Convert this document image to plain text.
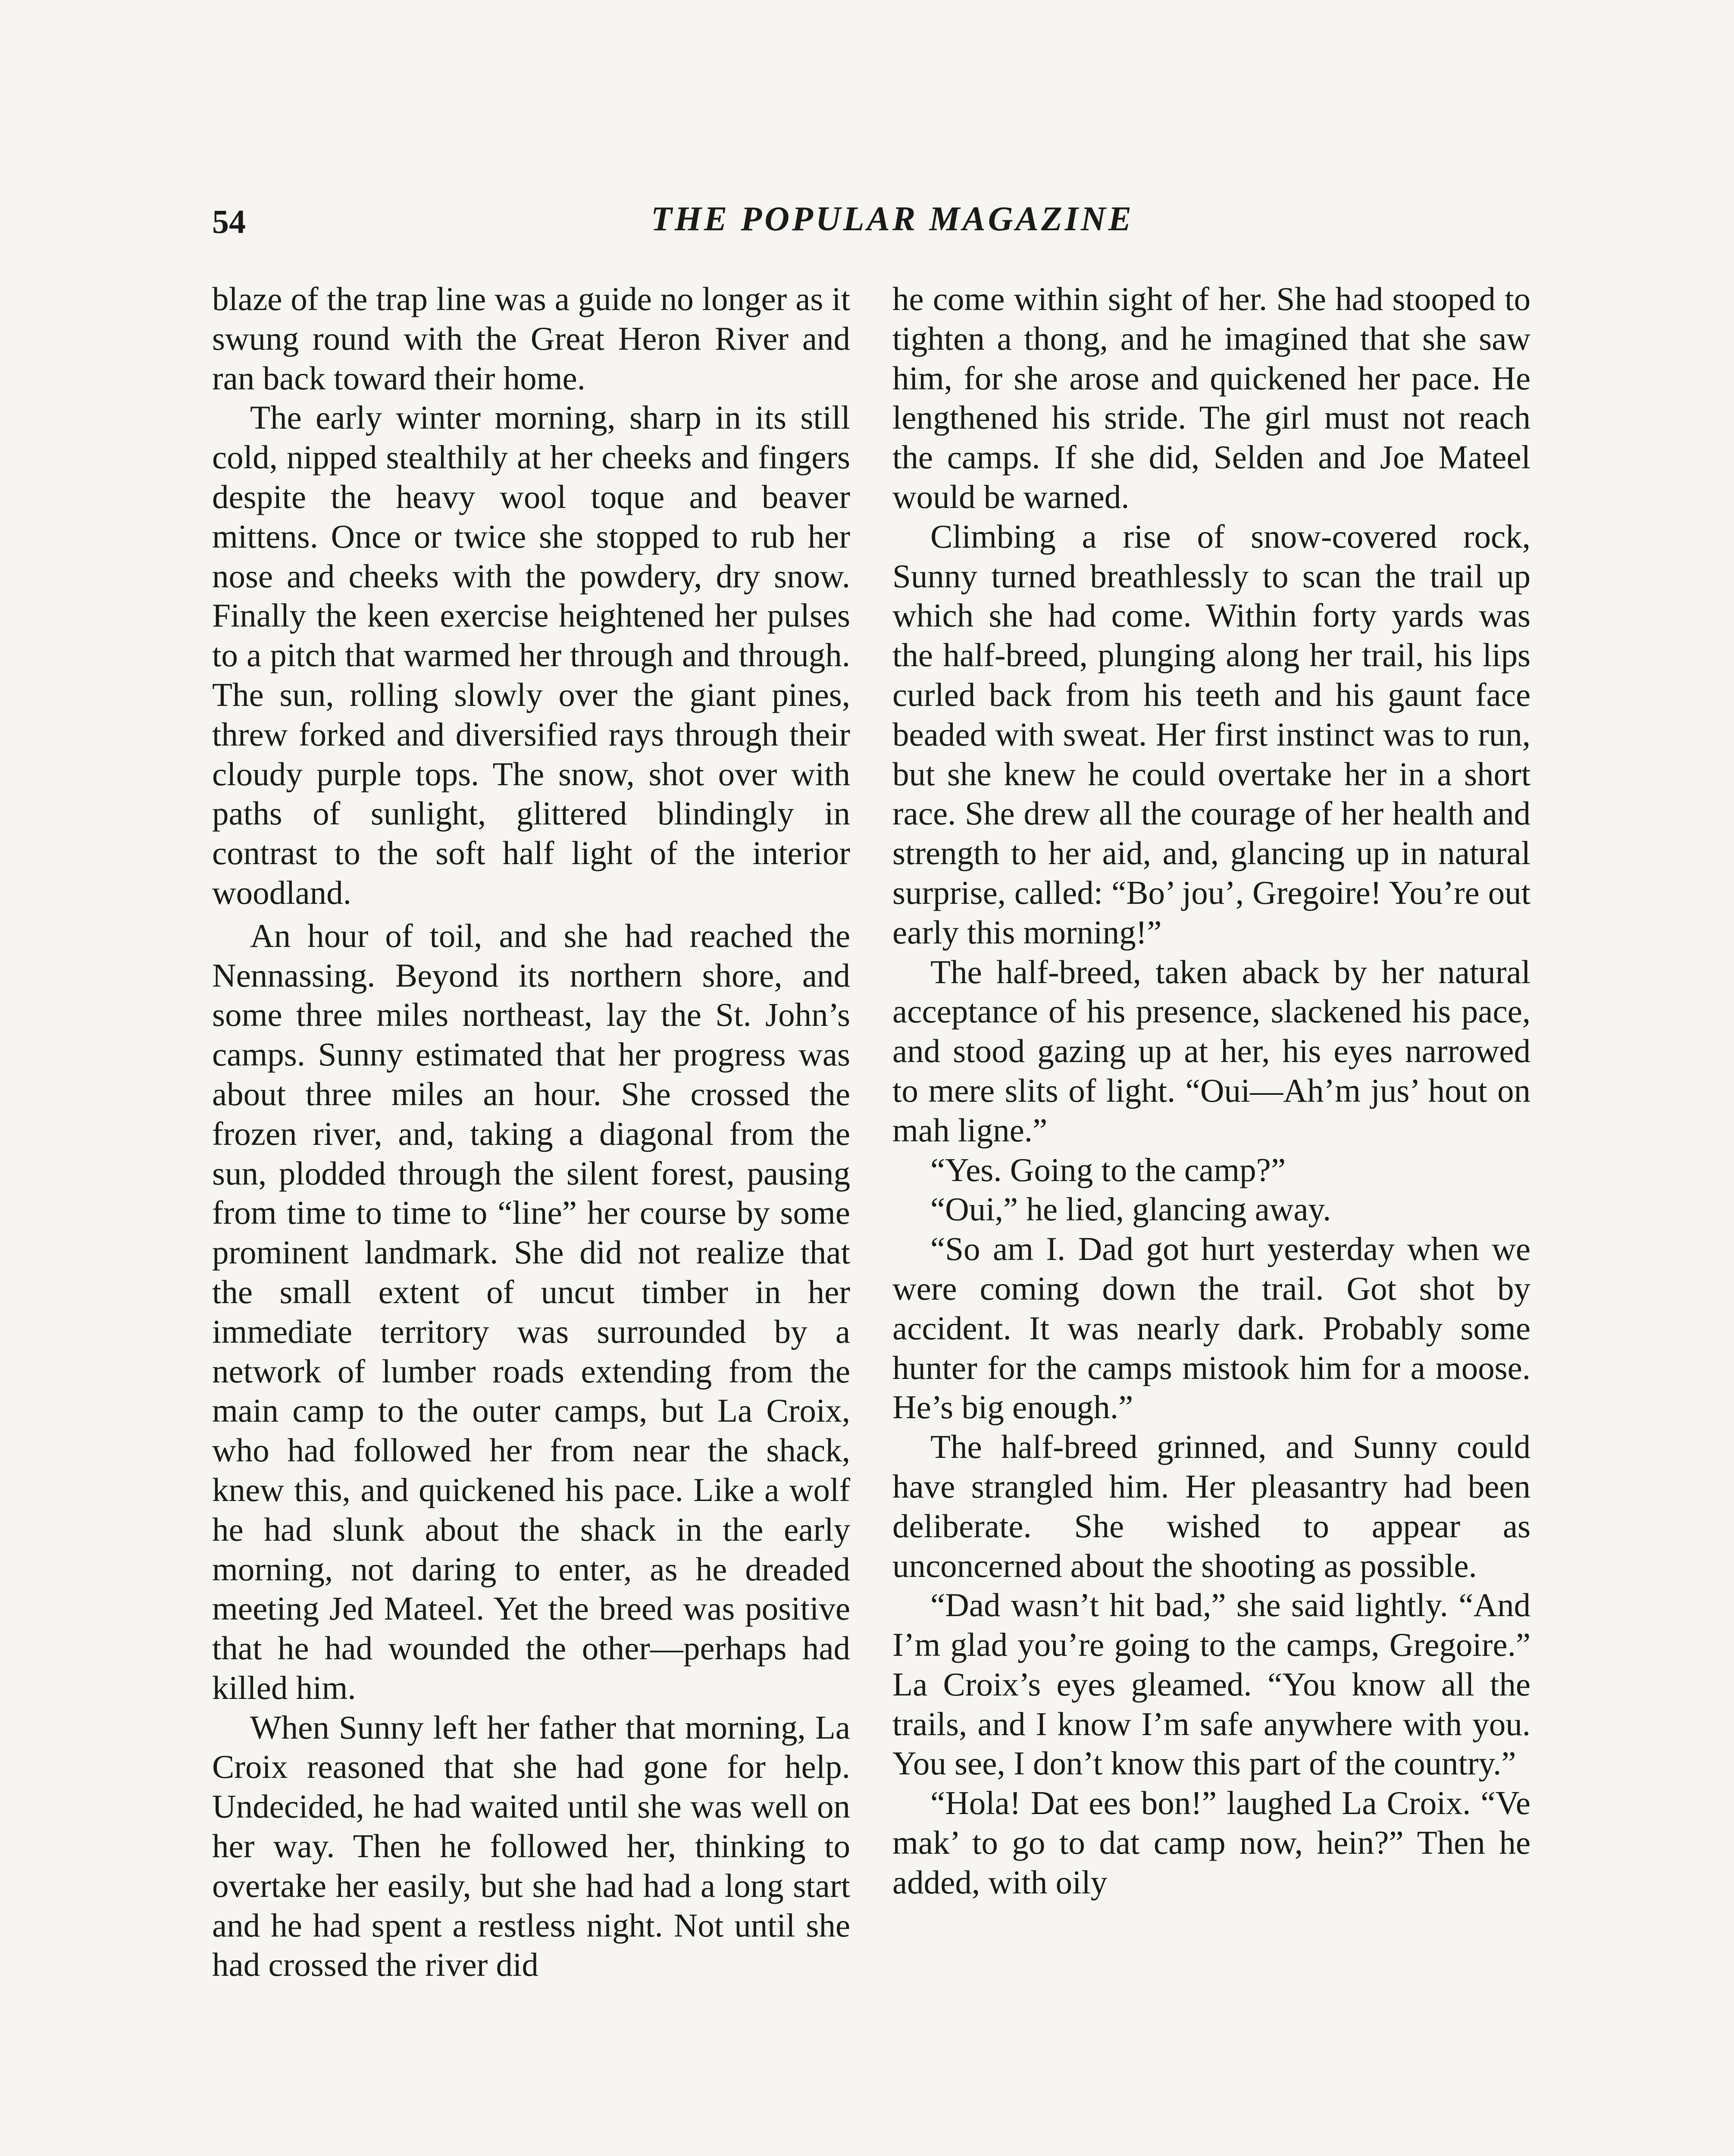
54	THE POPULAR MAGAZINE

blaze of the trap line was a guide no longer as it swung round with the Great Heron River and ran back toward their home.

The early winter morning, sharp in its still cold, nipped stealthily at her cheeks and fingers despite the heavy wool toque and beaver mittens. Once or twice she stopped to rub her nose and cheeks with the powdery, dry snow. Finally the keen exercise heightened her pulses to a pitch that warmed her through and through. The sun, rolling slowly over the giant pines, threw forked and diversified rays through their cloudy purple tops. The snow, shot over with paths of sunlight, glittered blindingly in contrast to the soft half light of the interior woodland.

An hour of toil, and she had reached the Nennassing. Beyond its northern shore, and some three miles northeast, lay the St. John’s camps. Sunny estimated that her progress was about three miles an hour. She crossed the frozen river, and, taking a diagonal from the sun, plodded through the silent forest, pausing from time to time to “line” her course by some prominent landmark. She did not realize that the small extent of uncut timber in her immediate territory was surrounded by a network of lumber roads extending from the main camp to the outer camps, but La Croix, who had followed her from near the shack, knew this, and quickened his pace. Like a wolf he had slunk about the shack in the early morning, not daring to enter, as he dreaded meeting Jed Mateel. Yet the breed was positive that he had wounded the other—perhaps had killed him.

When Sunny left her father that morning, La Croix reasoned that she had gone for help. Undecided, he had waited until she was well on her way. Then he followed her, thinking to overtake her easily, but she had had a long start and he had spent a restless night. Not until she had crossed the river did

he come within sight of her. She had stooped to tighten a thong, and he imagined that she saw him, for she arose and quickened her pace. He lengthened his stride. The girl must not reach the camps. If she did, Selden and Joe Mateel would be warned.

Climbing a rise of snow-covered rock, Sunny turned breathlessly to scan the trail up which she had come. Within forty yards was the half-breed, plunging along her trail, his lips curled back from his teeth and his gaunt face beaded with sweat. Her first instinct was to run, but she knew he could overtake her in a short race. She drew all the courage of her health and strength to her aid, and, glancing up in natural surprise, called: “Bo’ jou’, Gregoire! You’re out early this morning!”

The half-breed, taken aback by her natural acceptance of his presence, slackened his pace, and stood gazing up at her, his eyes narrowed to mere slits of light. “Oui—Ah’m jus’ hout on mah ligne.”

“Yes. Going to the camp?”

“Oui,” he lied, glancing away.

“So am I. Dad got hurt yesterday when we were coming down the trail. Got shot by accident. It was nearly dark. Probably some hunter for the camps mistook him for a moose. He’s big enough.”

The half-breed grinned, and Sunny could have strangled him. Her pleasantry had been deliberate. She wished to appear as unconcerned about the shooting as possible.

“Dad wasn’t hit bad,” she said lightly. “And I’m glad you’re going to the camps, Gregoire.” La Croix’s eyes gleamed. “You know all the trails, and I know I’m safe anywhere with you. You see, I don’t know this part of the country.”

“Hola! Dat ees bon!” laughed La Croix. “Ve mak’ to go to dat camp now, hein?” Then he added, with oily
